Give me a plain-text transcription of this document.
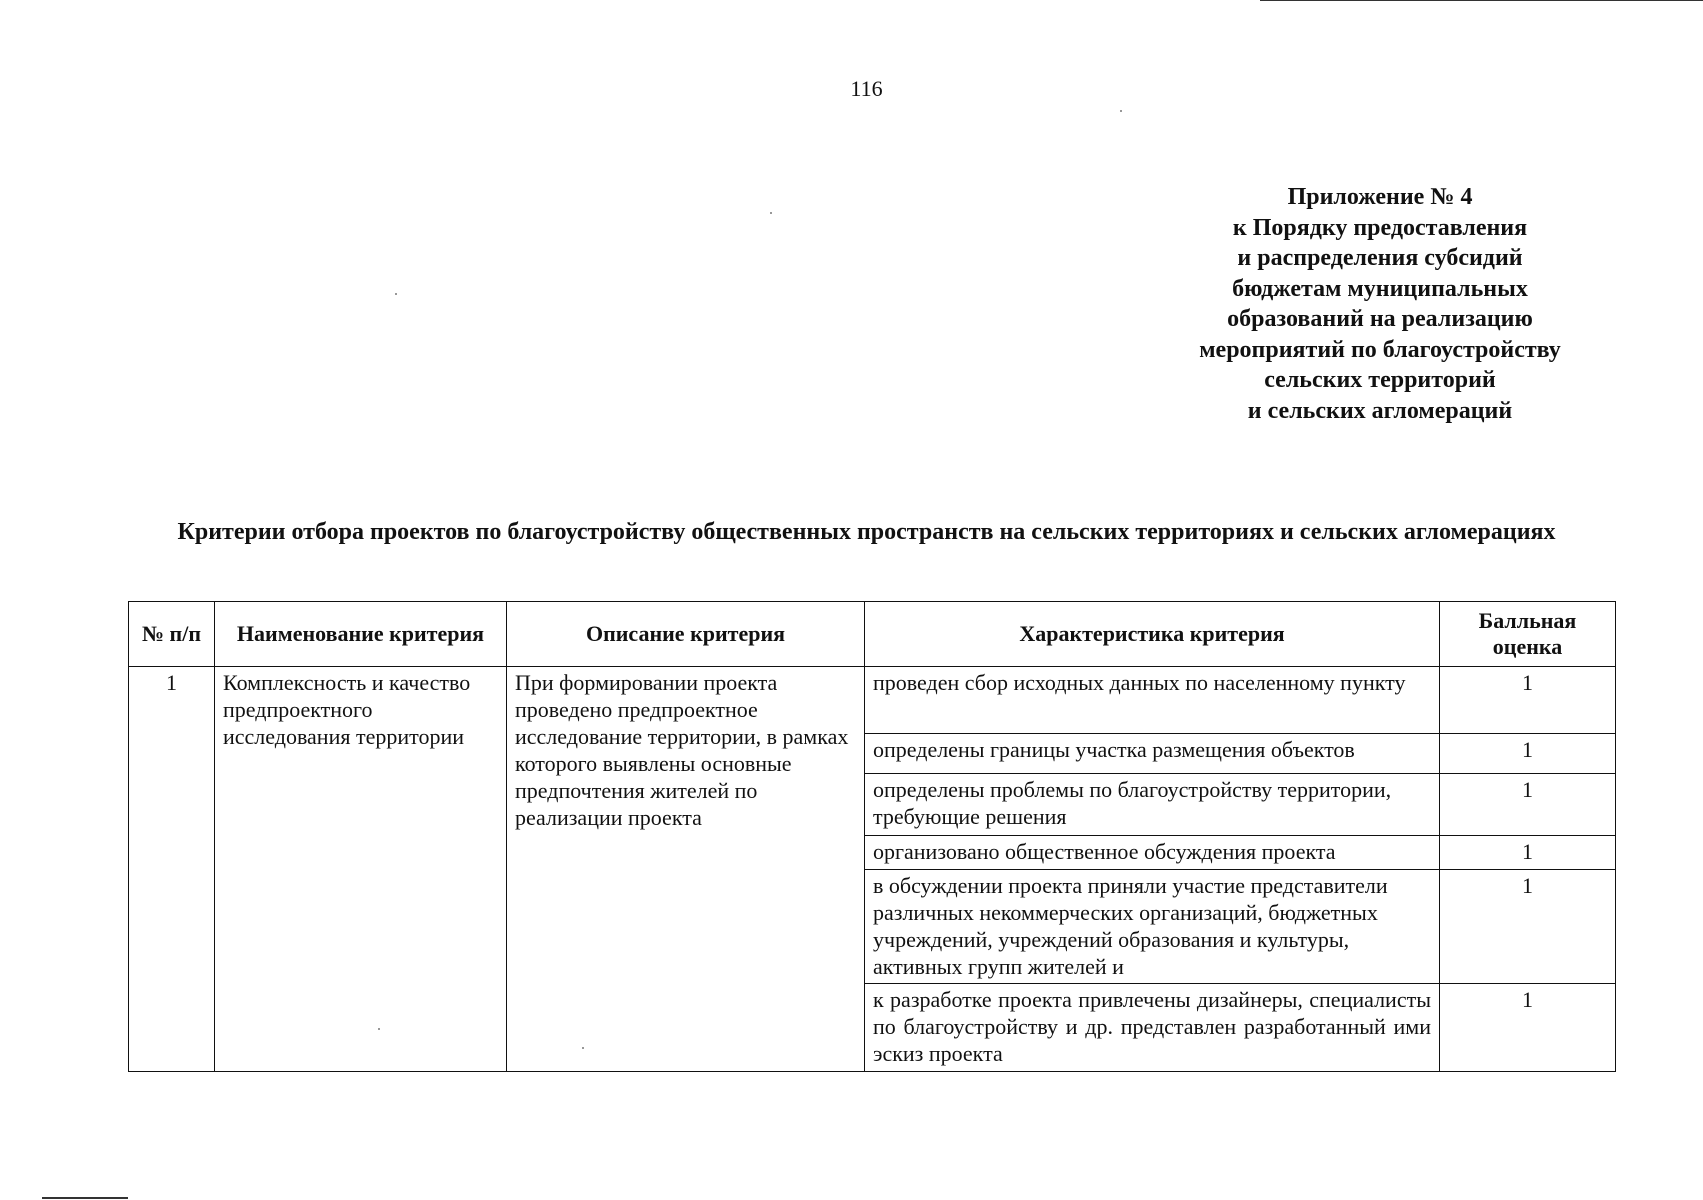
116
Приложение № 4
к Порядку предоставления
и распределения субсидий
бюджетам муниципальных
образований на реализацию
мероприятий по благоустройству
сельских территорий
и сельских агломераций
Критерии отбора проектов по благоустройству общественных пространств на сельских территориях и сельских агломерациях
№ п/п	Наименование критерия	Описание критерия	Характеристика критерия	Балльная оценка
1	Комплексность и качество предпроектного исследования территории	При формировании проекта проведено предпроектное исследование территории, в рамках которого выявлены основные предпочтения жителей по реализации проекта	проведен сбор исходных данных по населенному пункту	1
			определены границы участка размещения объектов	1
			определены проблемы по благоустройству территории, требующие решения	1
			организовано общественное обсуждения проекта	1
			в обсуждении проекта приняли участие представители различных некоммерческих организаций, бюджетных учреждений, учреждений образования и культуры, активных групп жителей и	1
			к разработке проекта привлечены дизайнеры, специалисты по благоустройству и др. представлен разработанный ими эскиз проекта	1
